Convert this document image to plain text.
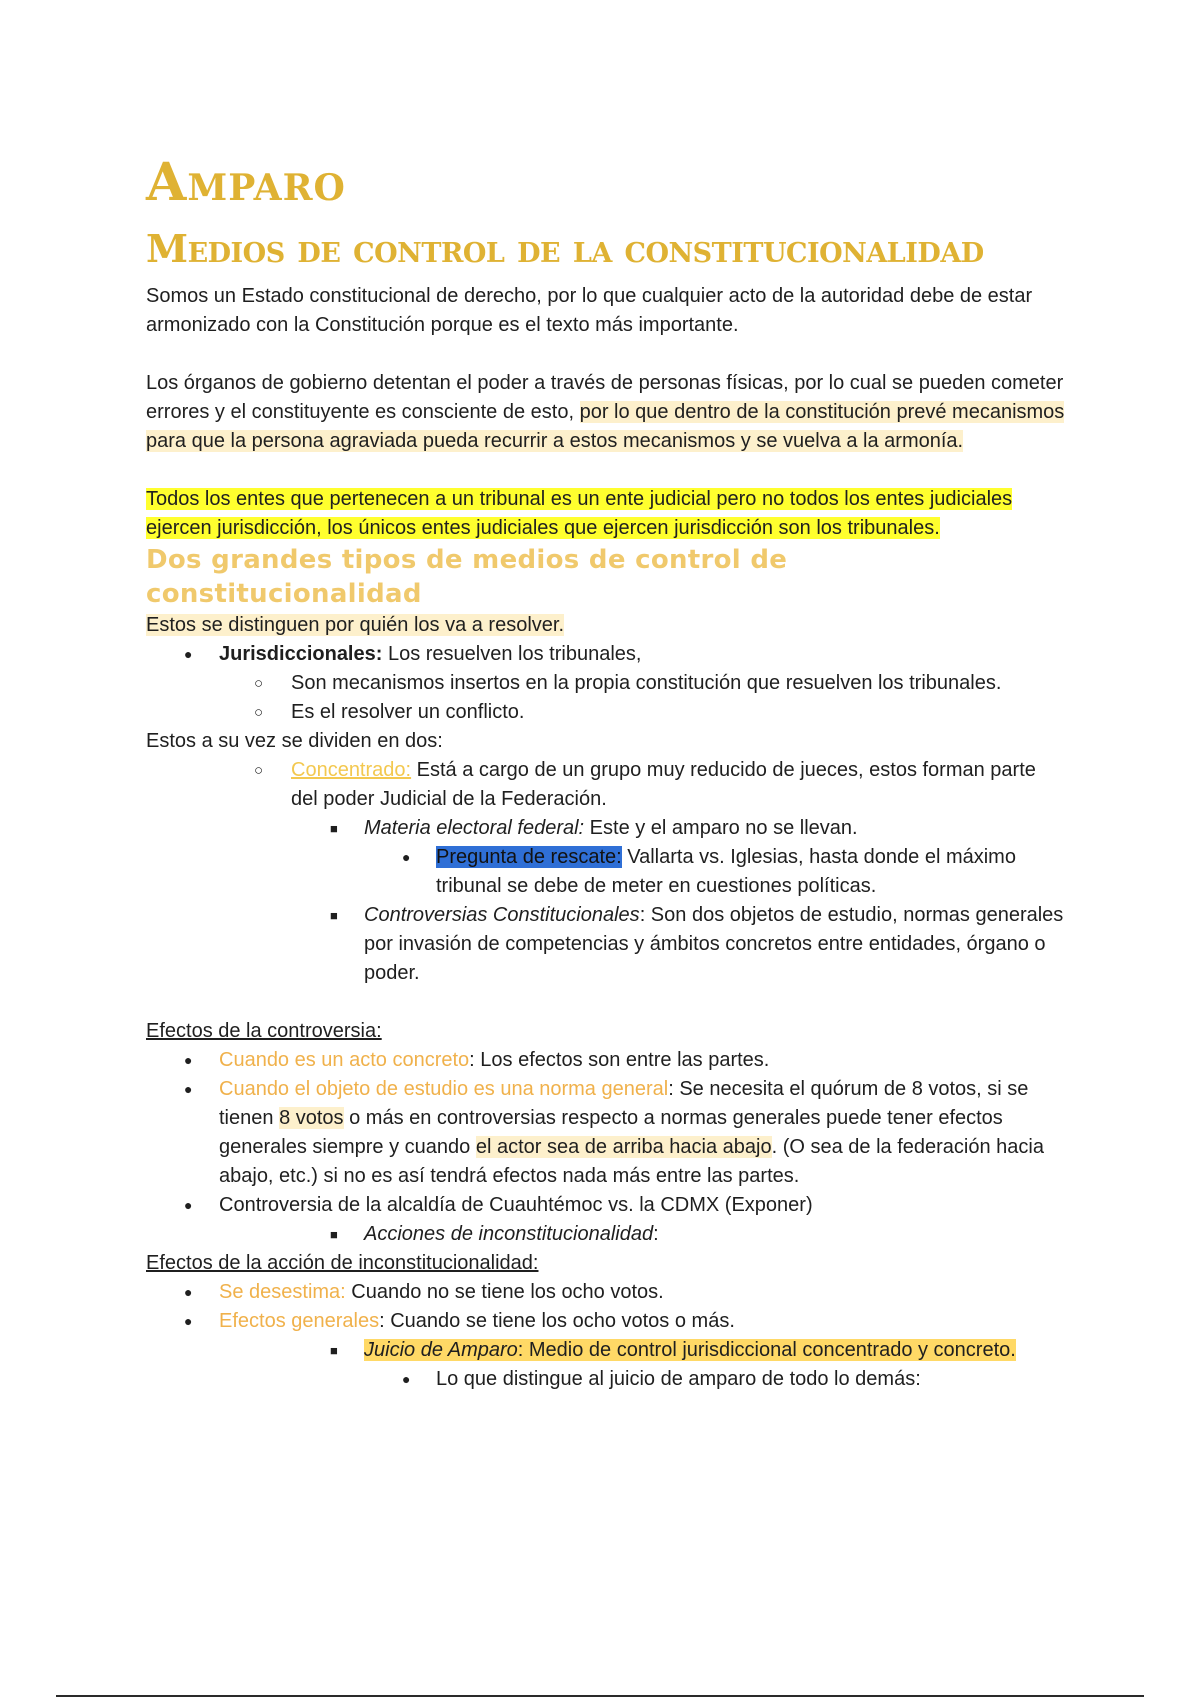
Amparo
Medios de control de la constitucionalidad

Somos un Estado constitucional de derecho, por lo que cualquier acto de la autoridad debe de estar armonizado con la Constitución porque es el texto más importante.

Los órganos de gobierno detentan el poder a través de personas físicas, por lo cual se pueden cometer errores y el constituyente es consciente de esto, por lo que dentro de la constitución prevé mecanismos para que la persona agraviada pueda recurrir a estos mecanismos y se vuelva a la armonía.

Todos los entes que pertenecen a un tribunal es un ente judicial pero no todos los entes judiciales ejercen jurisdicción, los únicos entes judiciales que ejercen jurisdicción son los tribunales.

Dos grandes tipos de medios de control de constitucionalidad

Estos se distinguen por quién los va a resolver.

● Jurisdiccionales: Los resuelven los tribunales,
○ Son mecanismos insertos en la propia constitución que resuelven los tribunales.
○ Es el resolver un conflicto.

Estos a su vez se dividen en dos:

○ Concentrado: Está a cargo de un grupo muy reducido de jueces, estos forman parte del poder Judicial de la Federación.
■ Materia electoral federal: Este y el amparo no se llevan.
● Pregunta de rescate: Vallarta vs. Iglesias, hasta donde el máximo tribunal se debe de meter en cuestiones políticas.
■ Controversias Constitucionales: Son dos objetos de estudio, normas generales por invasión de competencias y ámbitos concretos entre entidades, órgano o poder.

Efectos de la controversia:

● Cuando es un acto concreto: Los efectos son entre las partes.
● Cuando el objeto de estudio es una norma general: Se necesita el quórum de 8 votos, si se tienen 8 votos o más en controversias respecto a normas generales puede tener efectos generales siempre y cuando el actor sea de arriba hacia abajo. (O sea de la federación hacia abajo, etc.) si no es así tendrá efectos nada más entre las partes.
● Controversia de la alcaldía de Cuauhtémoc vs. la CDMX (Exponer)
■ Acciones de inconstitucionalidad:

Efectos de la acción de inconstitucionalidad:

● Se desestima: Cuando no se tiene los ocho votos.
● Efectos generales: Cuando se tiene los ocho votos o más.
■ Juicio de Amparo: Medio de control jurisdiccional concentrado y concreto.
● Lo que distingue al juicio de amparo de todo lo demás:
